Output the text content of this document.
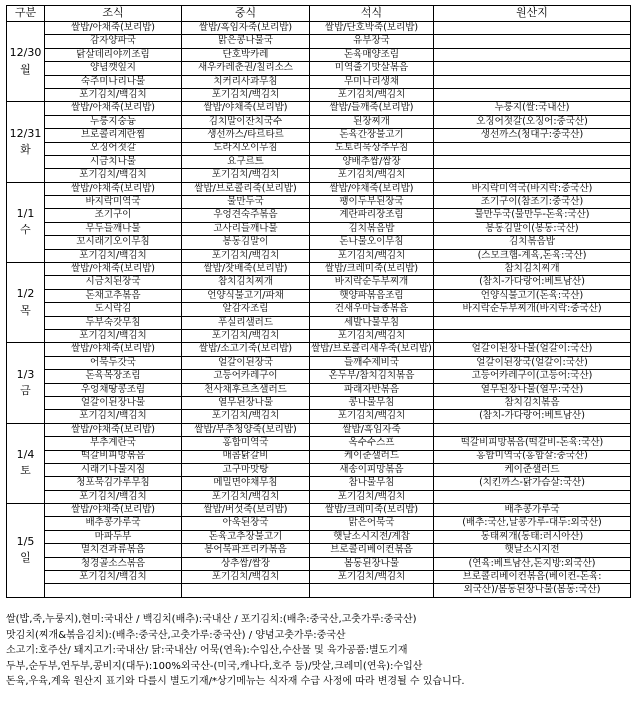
구분	조식	중식	석식	원산지

12/30
월	쌀밥/아채죽(보리밥)	쌀밥/흑임자죽(보리밥)	쌀밥/단호박죽(보리밥)	
	감자양파국	맑은콩나물국	유부장국	
	닭살데리야끼조림	단호박카레	돈육매양조림	
	양념깻잎지	새우카레춘권/칠리소스	미역줄기맛살볶음	
	숙주미나리나물	치커리사과무침	무미나리생채	
	포기김치/백김치	포기김치/백김치	포기김치/백김치	

12/31
화	쌀밥/아채죽(보리밥)	쌀밥/야채죽(보리밥)	쌀밥/들깨죽(보리밥)	누룽지(쌀:국내산)
	누룽지숭늉	김치말이잔치국수	된장찌개	오징어젓갈(오징어:중국산)
	브로콜리계란찜	생선까스/타르타르	돈육간장불고기	생선까스(청대구:중국산)
	오징어젓갈	도라지오이무침	도토리묵상추무침	
	시금치나물	요구르트	양배추쌈/쌈장	
	포기김치/백김치	포기김치/백김치	포기김치/백김치	

1/1
수	쌀밥/야채죽(보리밥)	쌀밥/브로콜리죽(보리밥)	쌀밥/야채죽(보리밥)	바지락미역국(바지락:중국산)
	바지락미역국	물만두국	팽이두부된장국	조기구이(참조기:중국산)
	조기구이	우엉견숙주볶음	계란파리장조림	물만두국(물만두-돈육:국산)
	무두들깨나물	고사리들깨나물	김치볶음밥	봉동김말이(봉동:국산)
	꼬시래기오이무침	봉동김말이	돈나물오이무침	김치볶음밥
	포기김치/백김치	포기김치/백김치	포기김치/백김치	(스모크햄-계육,돈육:국산)

1/2
목	쌀밥/아채죽(보리밥)	쌀밥/잣배죽(보리밥)	쌀밥/크레미죽(보리밥)	참치김치찌개
	시금치된장국	참치김치찌개	바지락순두부찌개	(참치-가다랑어:베트남산)
	돈채고추볶음	언양식불고기/파채	햇양파볶음조림	언양식불고기(돈육:국산)
	도시락김	알감자조림	건새우마늘종볶음	바지락순두부찌개(바지락:중국산)
	두부숙갓무침	푸실리샐러드	세발나물무침	
	포기김치/백김치	포기김치/백김치	포기김치/백김치	

1/3
금	쌀밥/야채죽(보리밥)	쌀밥/소고기죽(보리밥)	쌀밥/브로콜리새우죽(보리밥)	얼갈이된장나물(얼갈이:국산)
	어묵두갓국	얼갈이된장국	들깨수제비국	얼갈이된장국(얼갈이:국산)
	돈육목장조림	고등어카레구이	온두부/참치김치볶음	고등어카레구이(고등어:국산)
	우엉채땅콩조림	천사채후르츠샐러드	파래자반볶음	열무된장나물(열무:국산)
	얼갈이된장나물	열무된장나물	콩나물무침	참치김치볶음
	포기김치/백김치	포기김치/백김치	포기김치/백김치	(참치-가다랑어:베트남산)

1/4
토	쌀밥/야채죽(보리밥)	쌀밥/부추청양죽(보리밥)	쌀밥/흑임자죽	
	부추계란국	홍합미역국	옥수수스프	떡갈비피망볶음(떡갈비-돈육:국산)
	떡갈비피망볶음	매콤닭갈비	케이준샐러드	홍합미역국(홍합살:중국산)
	시래기나물지짐	고구마맛탕	새송이피망볶음	케이준샐러드
	청포묵김가루무침	메밀면야채무침	참나물무침	(치킨까스-닭가슴살:국산)
	포기김치/백김치	포기김치/백김치	포기김치/백김치	

1/5
일	쌀밥/야채죽(보리밥)	쌀밥/버섯죽(보리밥)	쌀밥/크레미죽(보리밥)	배추콩가루국
	배추콩가루국	아욱된장국	맑은어묵국	(배추:국산,날콩가루-대두:외국산)
	마파두부	돈육고추장불고기	햇날소시지전/계찹	동태찌개(동태:러시아산)
	멸치견과류볶음	봉어묵파프리카볶음	브로콜리베이컨볶음	햇날소시지전
	청경골소스볶음	상추쌈/쌈장	봄동된장나물	(연육:베트남산,돈지방:외국산)
	포기김치/백김치	포기김치/백김치	포기김치/백김치	브로콜리베이컨볶음(베이컨-돈육:
				외국산)/봄동된장나물(봄동:국산)
쌀(밥,죽,누룽지),현미:국내산 / 백김치(배추):국내산 / 포기김치:(배추:중국산,고춧가루:중국산)
맛김치(찌개&볶음김치):(배추:중국산,고춧가루:중국산) / 양념고춧가루:중국산
소고기:호주산/ 돼지고기:국내산/ 닭:국내산/ 어묵(연육):수입산,수산물 및 육가공품:별도기재
두부,순두부,연두부,콩비지(대두):100%외국산-(미국,캐나다,호주 등)/맛살,크레미(연육):수입산
돈육,우육,계육 원산지 표기와 다를시 별도기재/*상기메뉴는 식자재 수급 사정에 따라 변경될 수 있습니다.
